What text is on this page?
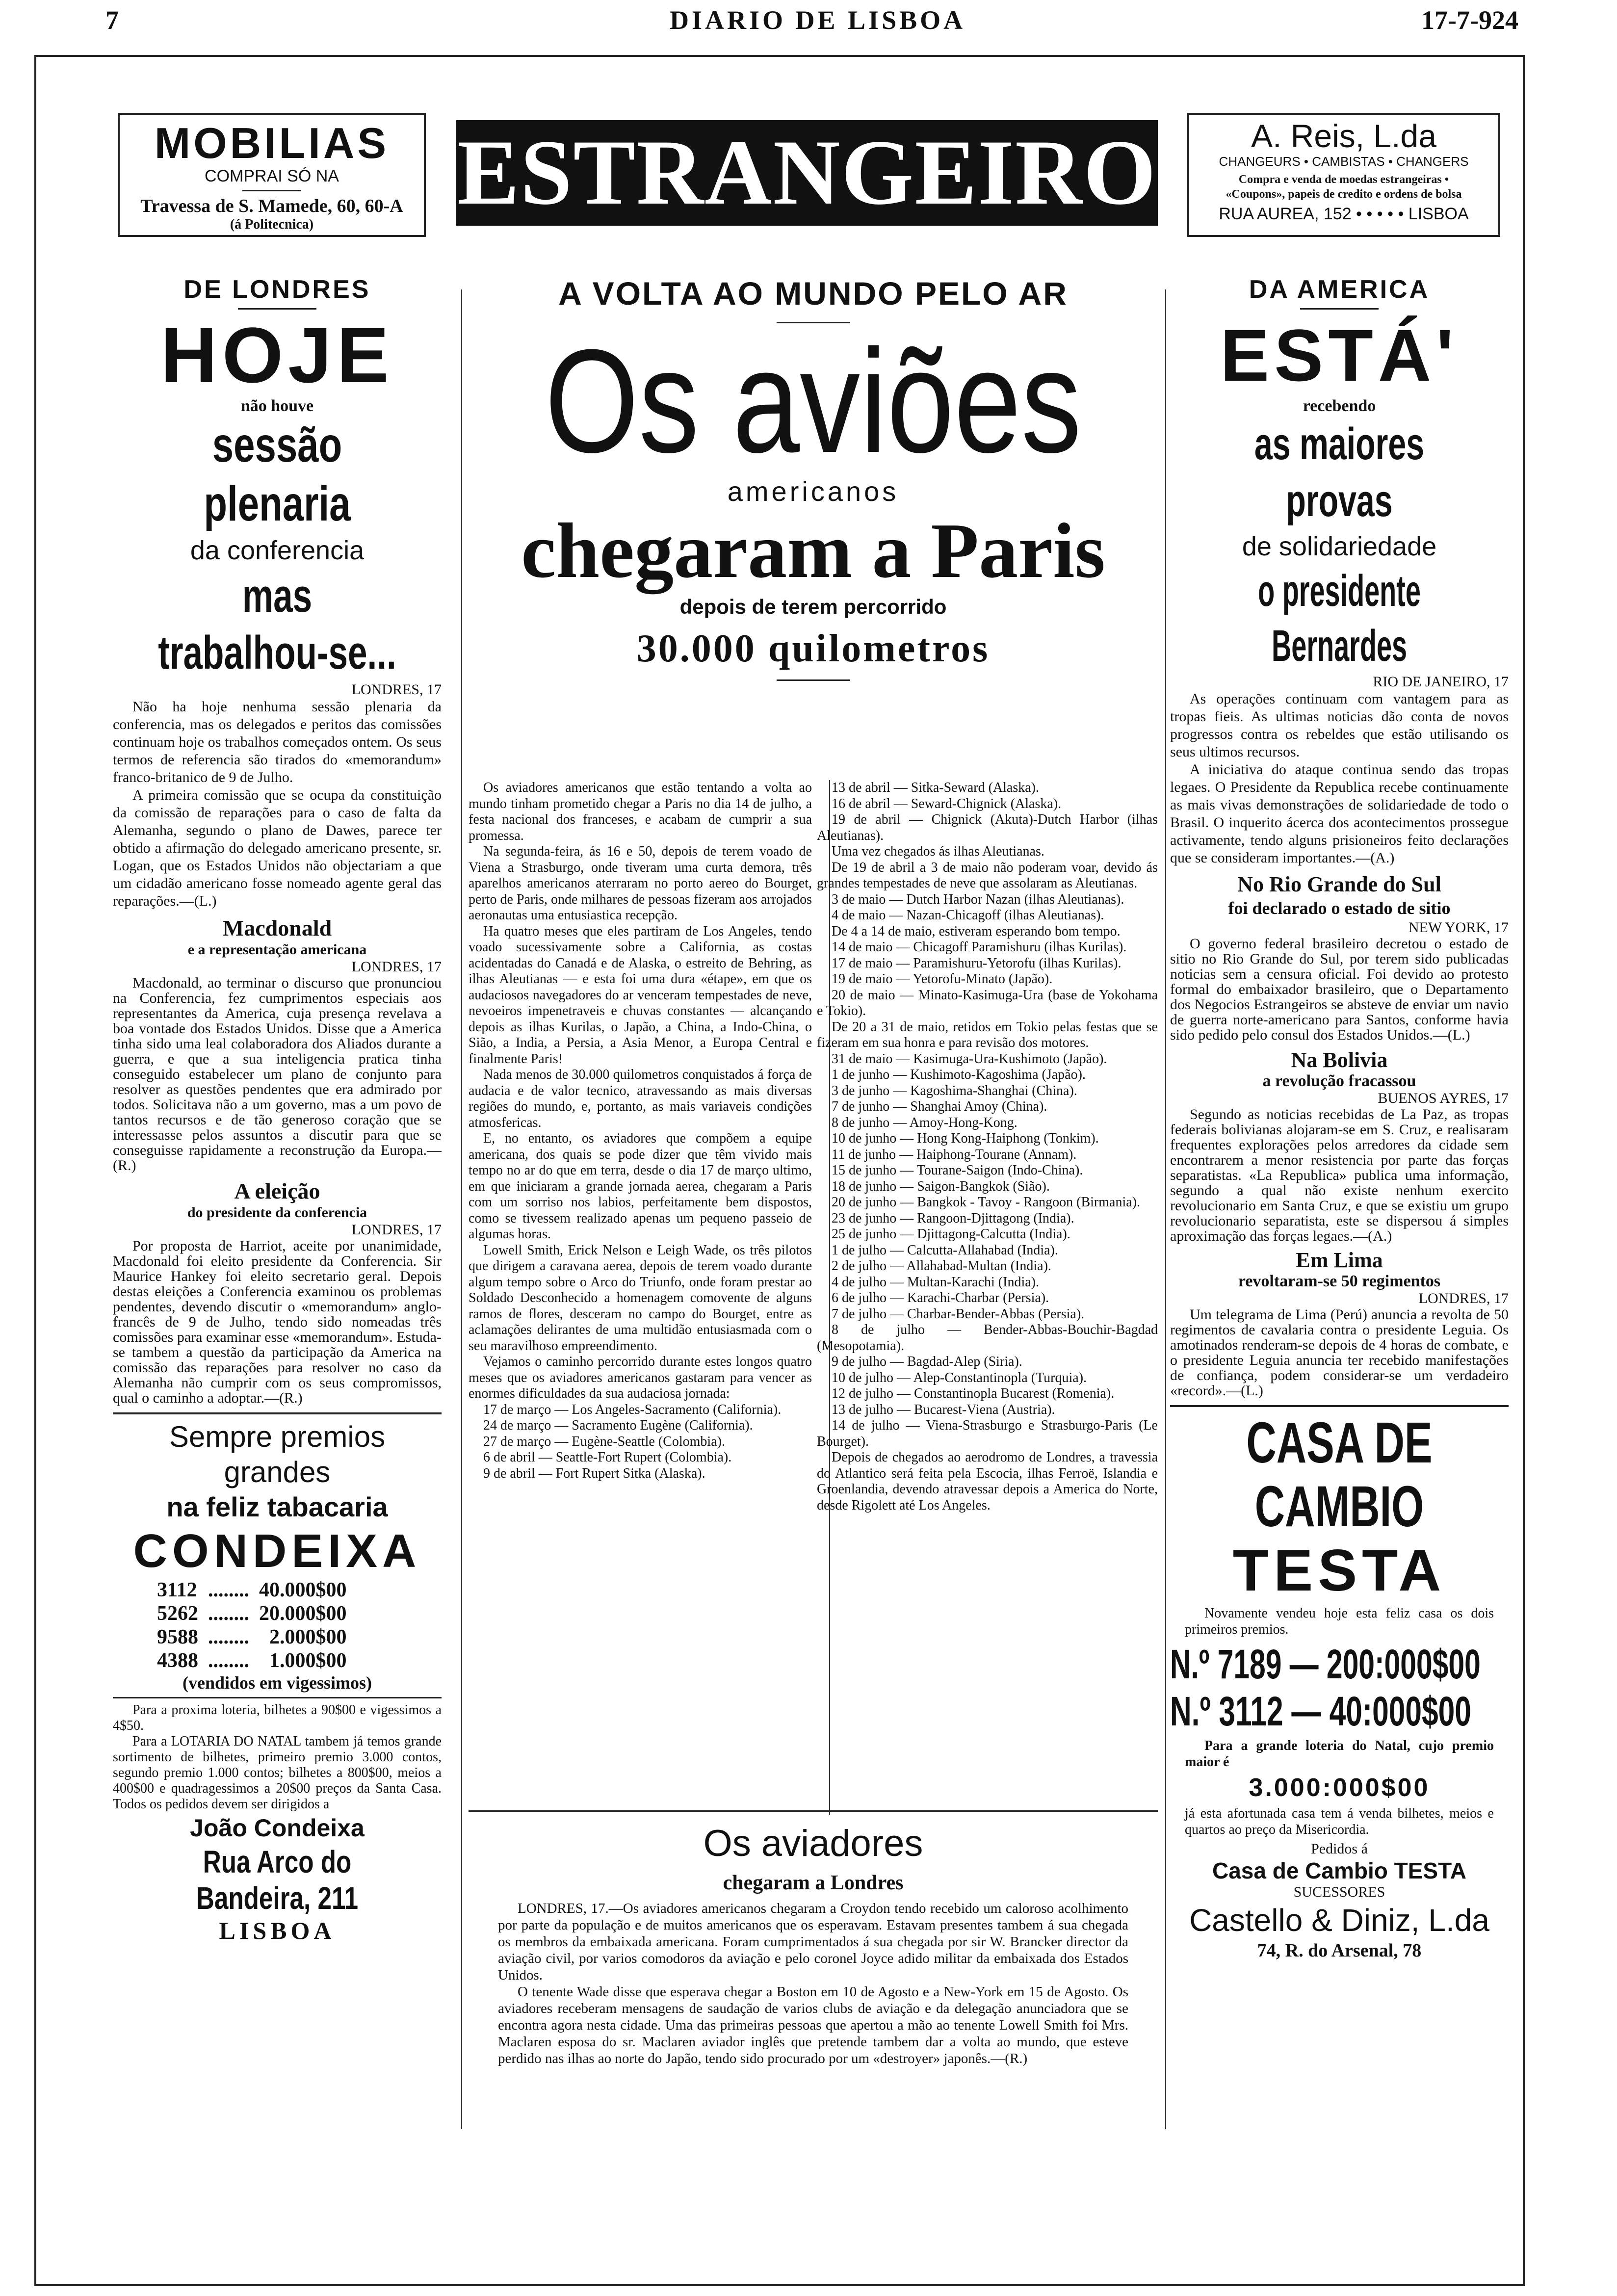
7	DIARIO DE LISBOA	17-7-924
MOBILIAS
COMPRAI SÓ NA
Travessa de S. Mamede, 60, 60-A
(á Politecnica)
ESTRANGEIRO	A. Reis, L.da
CHANGEURS • CAMBISTAS • CHANGERS
Compra e venda de moedas estrangeiras • «Coupons», papeis de credito e ordens de bolsa
RUA AUREA, 152 • • • • • LISBOA
DE LONDRES
HOJE
não houve
sessão plenaria
da conferencia
mas trabalhou-se...
LONDRES, 17

Não ha hoje nenhuma sessão plenaria da conferencia, mas os delegados e peritos das comissões continuam hoje os trabalhos começados ontem. Os seus termos de referencia são tirados do «memorandum» franco-britanico de 9 de Julho.

A primeira comissão que se ocupa da constituição da comissão de reparações para o caso de falta da Alemanha, segundo o plano de Dawes, parece ter obtido a afirmação do delegado americano presente, sr. Logan, que os Estados Unidos não objectariam a que um cidadão americano fosse nomeado agente geral das reparações.—(L.)

Macdonald
e a representação americana
LONDRES, 17

Macdonald, ao terminar o discurso que pronunciou na Conferencia, fez cumprimentos especiais aos representantes da America, cuja presença revelava a boa vontade dos Estados Unidos. Disse que a America tinha sido uma leal colaboradora dos Aliados durante a guerra, e que a sua inteligencia pratica tinha conseguido estabelecer um plano de conjunto para resolver as questões pendentes que era admirado por todos. Solicitava não a um governo, mas a um povo de tantos recursos e de tão generoso coração que se interessasse pelos assuntos a discutir para que se conseguisse rapidamente a reconstrução da Europa.—(R.)

A eleição
do presidente da conferencia
LONDRES, 17

Por proposta de Harriot, aceite por unanimidade, Macdonald foi eleito presidente da Conferencia. Sir Maurice Hankey foi eleito secretario geral. Depois destas eleições a Conferencia examinou os problemas pendentes, devendo discutir o «memorandum» anglo-francês de 9 de Julho, tendo sido nomeadas três comissões para examinar esse «memorandum». Estuda-se tambem a questão da participação da America na comissão das reparações para resolver no caso da Alemanha não cumprir com os seus compromissos, qual o caminho a adoptar.—(R.)

Sempre premios grandes
na feliz tabacaria
CONDEIXA
3112	........	40.000$00
5262	........	20.000$00
9588	........	2.000$00
4388	........	1.000$00
(vendidos em vigessimos)

Para a proxima loteria, bilhetes a 90$00 e vigessimos a 4$50.

Para a LOTARIA DO NATAL tambem já temos grande sortimento de bilhetes, primeiro premio 3.000 contos, segundo premio 1.000 contos; bilhetes a 800$00, meios a 400$00 e quadragessimos a 20$00 preços da Santa Casa. Todos os pedidos devem ser dirigidos a

João Condeixa
Rua Arco do Bandeira, 211
LISBOA
A VOLTA AO MUNDO PELO AR
Os aviões
americanos
chegaram a Paris
depois de terem percorrido
30.000 quilometros

Os aviadores americanos que estão tentando a volta ao mundo tinham prometido chegar a Paris no dia 14 de julho, a festa nacional dos franceses, e acabam de cumprir a sua promessa.

Na segunda-feira, ás 16 e 50, depois de terem voado de Viena a Strasburgo, onde tiveram uma curta demora, três aparelhos americanos aterraram no porto aereo do Bourget, perto de Paris, onde milhares de pessoas fizeram aos arrojados aeronautas uma entusiastica recepção.

Ha quatro meses que eles partiram de Los Angeles, tendo voado sucessivamente sobre a California, as costas acidentadas do Canadá e de Alaska, o estreito de Behring, as ilhas Aleutianas — e esta foi uma dura «étape», em que os audaciosos navegadores do ar venceram tempestades de neve, nevoeiros impenetraveis e chuvas constantes — alcançando depois as ilhas Kurilas, o Japão, a China, a Indo-China, o Sião, a India, a Persia, a Asia Menor, a Europa Central e finalmente Paris!

Nada menos de 30.000 quilometros conquistados á força de audacia e de valor tecnico, atravessando as mais diversas regiões do mundo, e, portanto, as mais variaveis condições atmosfericas.

E, no entanto, os aviadores que compõem a equipe americana, dos quais se pode dizer que têm vivido mais tempo no ar do que em terra, desde o dia 17 de março ultimo, em que iniciaram a grande jornada aerea, chegaram a Paris com um sorriso nos labios, perfeitamente bem dispostos, como se tivessem realizado apenas um pequeno passeio de algumas horas.

Lowell Smith, Erick Nelson e Leigh Wade, os três pilotos que dirigem a caravana aerea, depois de terem voado durante algum tempo sobre o Arco do Triunfo, onde foram prestar ao Soldado Desconhecido a homenagem comovente de alguns ramos de flores, desceram no campo do Bourget, entre as aclamações delirantes de uma multidão entusiasmada com o seu maravilhoso empreendimento.

Vejamos o caminho percorrido durante estes longos quatro meses que os aviadores americanos gastaram para vencer as enormes dificuldades da sua audaciosa jornada:

17 de março — Los Angeles-Sacramento (California).

24 de março — Sacramento Eugène (California).

27 de março — Eugène-Seattle (Colombia).

6 de abril — Seattle-Fort Rupert (Colombia).

9 de abril — Fort Rupert Sitka (Alaska).

13 de abril — Sitka-Seward (Alaska).

16 de abril — Seward-Chignick (Alaska).

19 de abril — Chignick (Akuta)-Dutch Harbor (ilhas Aleutianas).

Uma vez chegados ás ilhas Aleutianas.

De 19 de abril a 3 de maio não poderam voar, devido ás grandes tempestades de neve que assolaram as Aleutianas.

3 de maio — Dutch Harbor Nazan (ilhas Aleutianas).

4 de maio — Nazan-Chicagoff (ilhas Aleutianas).

De 4 a 14 de maio, estiveram esperando bom tempo.

14 de maio — Chicagoff Paramishuru (ilhas Kurilas).

17 de maio — Paramishuru-Yetorofu (ilhas Kurilas).

19 de maio — Yetorofu-Minato (Japão).

20 de maio — Minato-Kasimuga-Ura (base de Yokohama e Tokio).

De 20 a 31 de maio, retidos em Tokio pelas festas que se fizeram em sua honra e para revisão dos motores.

31 de maio — Kasimuga-Ura-Kushimoto (Japão).

1 de junho — Kushimoto-Kagoshima (Japão).

3 de junho — Kagoshima-Shanghai (China).

7 de junho — Shanghai Amoy (China).

8 de junho — Amoy-Hong-Kong.

10 de junho — Hong Kong-Haiphong (Tonkim).

11 de junho — Haiphong-Tourane (Annam).

15 de junho — Tourane-Saigon (Indo-China).

18 de junho — Saigon-Bangkok (Sião).

20 de junho — Bangkok - Tavoy - Rangoon (Birmania).

23 de junho — Rangoon-Djittagong (India).

25 de junho — Djittagong-Calcutta (India).

1 de julho — Calcutta-Allahabad (India).

2 de julho — Allahabad-Multan (India).

4 de julho — Multan-Karachi (India).

6 de julho — Karachi-Charbar (Persia).

7 de julho — Charbar-Bender-Abbas (Persia).

8 de julho — Bender-Abbas-Bouchir-Bagdad (Mesopotamia).

9 de julho — Bagdad-Alep (Siria).

10 de julho — Alep-Constantinopla (Turquia).

12 de julho — Constantinopla Bucarest (Romenia).

13 de julho — Bucarest-Viena (Austria).

14 de julho — Viena-Strasburgo e Strasburgo-Paris (Le Bourget).

Depois de chegados ao aerodromo de Londres, a travessia do Atlantico será feita pela Escocia, ilhas Ferroë, Islandia e Groenlandia, devendo atravessar depois a America do Norte, desde Rigolett até Los Angeles.

Os aviadores
chegaram a Londres

LONDRES, 17.—Os aviadores americanos chegaram a Croydon tendo recebido um caloroso acolhimento por parte da população e de muitos americanos que os esperavam. Estavam presentes tambem á sua chegada os membros da embaixada americana. Foram cumprimentados á sua chegada por sir W. Brancker director da aviação civil, por varios comodoros da aviação e pelo coronel Joyce adido militar da embaixada dos Estados Unidos.

O tenente Wade disse que esperava chegar a Boston em 10 de Agosto e a New-York em 15 de Agosto. Os aviadores receberam mensagens de saudação de varios clubs de aviação e da delegação anunciadora que se encontra agora nesta cidade. Uma das primeiras pessoas que apertou a mão ao tenente Lowell Smith foi Mrs. Maclaren esposa do sr. Maclaren aviador inglês que pretende tambem dar a volta ao mundo, que esteve perdido nas ilhas ao norte do Japão, tendo sido procurado por um «destroyer» japonês.—(R.)

DA AMERICA
ESTÁ'
recebendo
as maiores provas
de solidariedade
o presidente Bernardes
RIO DE JANEIRO, 17

As operações continuam com vantagem para as tropas fieis. As ultimas noticias dão conta de novos progressos contra os rebeldes que estão utilisando os seus ultimos recursos.

A iniciativa do ataque continua sendo das tropas legaes. O Presidente da Republica recebe continuamente as mais vivas demonstrações de solidariedade de todo o Brasil. O inquerito ácerca dos acontecimentos prossegue activamente, tendo alguns prisioneiros feito declarações que se consideram importantes.—(A.)

No Rio Grande do Sul
foi declarado o estado de sitio
NEW YORK, 17

O governo federal brasileiro decretou o estado de sitio no Rio Grande do Sul, por terem sido publicadas noticias sem a censura oficial. Foi devido ao protesto formal do embaixador brasileiro, que o Departamento dos Negocios Estrangeiros se absteve de enviar um navio de guerra norte-americano para Santos, conforme havia sido pedido pelo consul dos Estados Unidos.—(L.)

Na Bolivia
a revolução fracassou
BUENOS AYRES, 17

Segundo as noticias recebidas de La Paz, as tropas federais bolivianas alojaram-se em S. Cruz, e realisaram frequentes explorações pelos arredores da cidade sem encontrarem a menor resistencia por parte das forças separatistas. «La Republica» publica uma informação, segundo a qual não existe nenhum exercito revolucionario em Santa Cruz, e que se existiu um grupo revolucionario separatista, este se dispersou á simples aproximação das forças legaes.—(A.)

Em Lima
revoltaram-se 50 regimentos
LONDRES, 17

Um telegrama de Lima (Perú) anuncia a revolta de 50 regimentos de cavalaria contra o presidente Leguia. Os amotinados renderam-se depois de 4 horas de combate, e o presidente Leguia anuncia ter recebido manifestações de confiança, podem considerar-se um verdadeiro «record».—(L.)

CASA DE CAMBIO
TESTA

Novamente vendeu hoje esta feliz casa os dois primeiros premios.

N.º 7189 — 200:000$00
N.º 3112 — 40:000$00

Para a grande loteria do Natal, cujo premio maior é

3.000:000$00

já esta afortunada casa tem á venda bilhetes, meios e quartos ao preço da Misericordia.

Pedidos á
Casa de Cambio TESTA
SUCESSORES
Castello & Diniz, L.da
74, R. do Arsenal, 78
